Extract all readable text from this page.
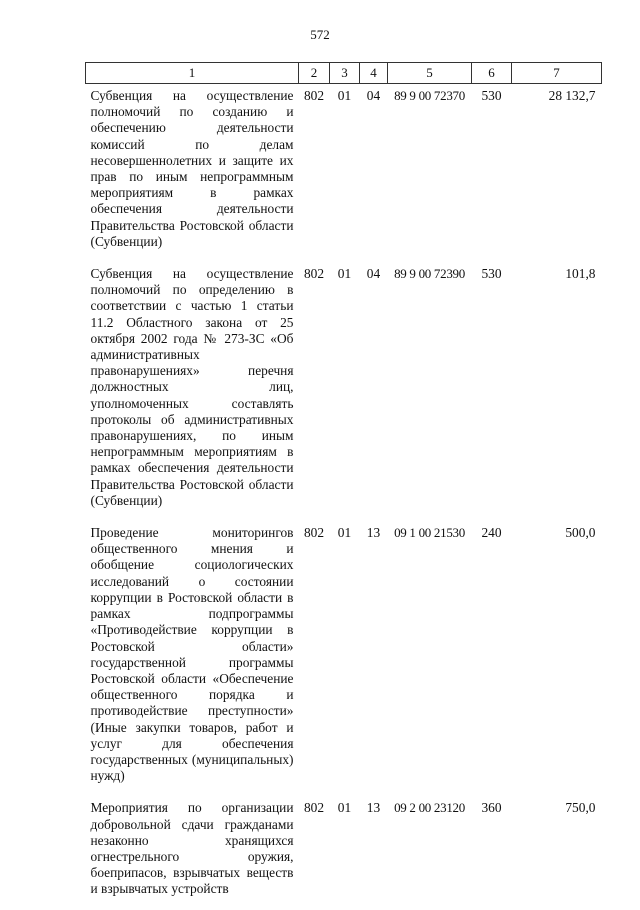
572
1	2	3	4	5	6	7
Субвенция на осуществление полномочий по созданию и обеспечению деятельности комиссий по делам несовершеннолетних и защите их прав по иным непрограммным мероприятиям в рамках обеспечения деятельности Правительства Ростовской области (Субвенции)	802	01	04	89 9 00 72370	530	28 132,7
Субвенция на осуществление полномочий по определению в соответствии с частью 1 статьи 11.2 Областного закона от 25 октября 2002 года № 273-ЗС «Об административных правонарушениях» перечня должностных лиц, уполномоченных составлять протоколы об административных правонарушениях, по иным непрограммным мероприятиям в рамках обеспечения деятельности Правительства Ростовской области (Субвенции)	802	01	04	89 9 00 72390	530	101,8
Проведение мониторингов общественного мнения и обобщение социологических исследований о состоянии коррупции в Ростовской области в рамках подпрограммы «Противодействие коррупции в Ростовской области» государственной программы Ростовской области «Обеспечение общественного порядка и противодействие преступности» (Иные закупки товаров, работ и услуг для обеспечения государственных (муниципальных) нужд)	802	01	13	09 1 00 21530	240	500,0
Мероприятия по организации добровольной сдачи гражданами незаконно хранящихся огнестрельного оружия, боеприпасов, взрывчатых веществ и взрывчатых устройств	802	01	13	09 2 00 23120	360	750,0
